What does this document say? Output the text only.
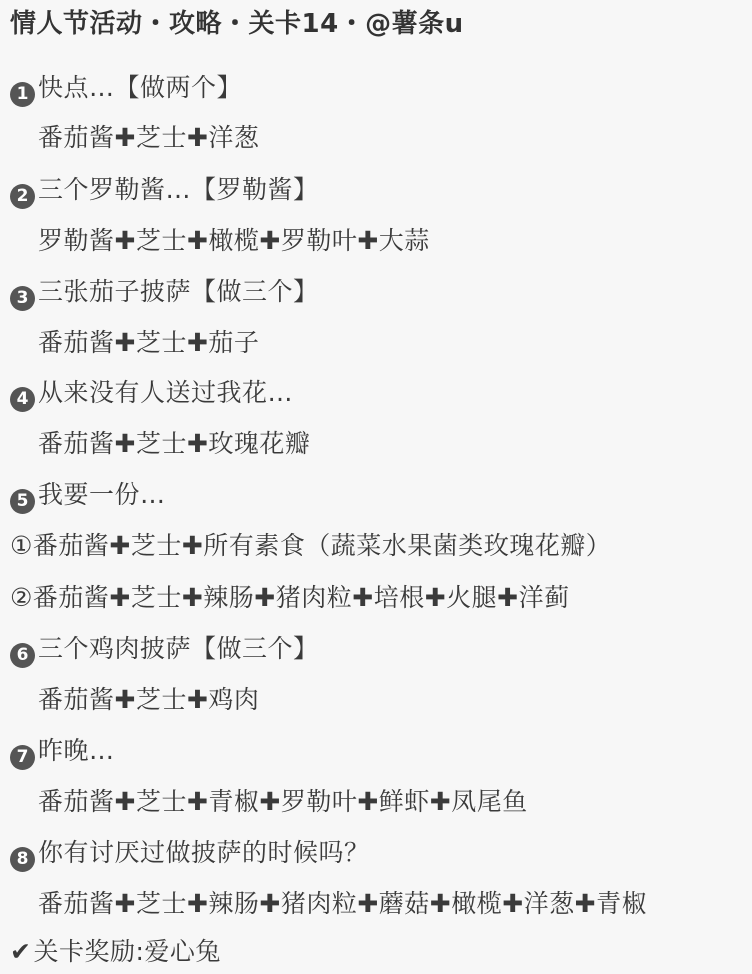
情人节活动・攻略・关卡14・@薯条u
1 快点…【做两个】
番茄酱✚芝士✚洋葱
2 三个罗勒酱…【罗勒酱】
罗勒酱✚芝士✚橄榄✚罗勒叶✚大蒜
3 三张茄子披萨【做三个】
番茄酱✚芝士✚茄子
4 从来没有人送过我花…
番茄酱✚芝士✚玫瑰花瓣
5 我要一份…
①番茄酱✚芝士✚所有素食（蔬菜水果菌类玫瑰花瓣）
②番茄酱✚芝士✚辣肠✚猪肉粒✚培根✚火腿✚洋蓟
6 三个鸡肉披萨【做三个】
番茄酱✚芝士✚鸡肉
7 昨晚…
番茄酱✚芝士✚青椒✚罗勒叶✚鲜虾✚凤尾鱼
8 你有讨厌过做披萨的时候吗？
番茄酱✚芝士✚辣肠✚猪肉粒✚蘑菇✚橄榄✚洋葱✚青椒
✔关卡奖励:爱心兔
